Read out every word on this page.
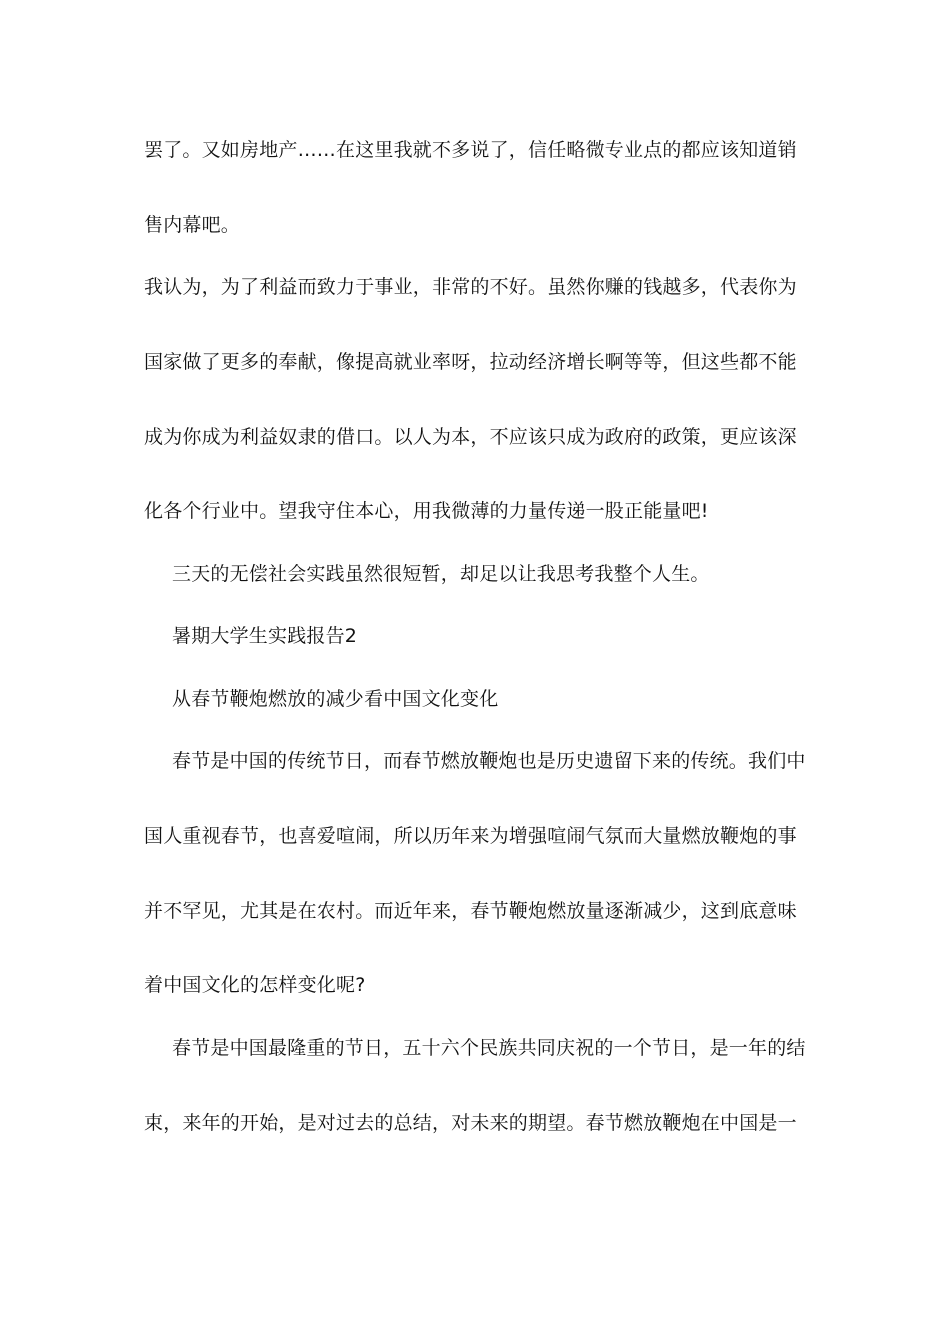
罢了。又如房地产……在这里我就不多说了，信任略微专业点的都应该知道销
售内幕吧。
我认为，为了利益而致力于事业，非常的不好。虽然你赚的钱越多，代表你为
国家做了更多的奉献，像提高就业率呀，拉动经济增长啊等等，但这些都不能
成为你成为利益奴隶的借口。以人为本，不应该只成为政府的政策，更应该深
化各个行业中。望我守住本心，用我微薄的力量传递一股正能量吧!
三天的无偿社会实践虽然很短暂，却足以让我思考我整个人生。
暑期大学生实践报告2
从春节鞭炮燃放的减少看中国文化变化
春节是中国的传统节日，而春节燃放鞭炮也是历史遗留下来的传统。我们中
国人重视春节，也喜爱喧闹，所以历年来为增强喧闹气氛而大量燃放鞭炮的事
并不罕见，尤其是在农村。而近年来，春节鞭炮燃放量逐渐减少，这到底意味
着中国文化的怎样变化呢?
春节是中国最隆重的节日，五十六个民族共同庆祝的一个节日，是一年的结
束，来年的开始，是对过去的总结，对未来的期望。春节燃放鞭炮在中国是一
